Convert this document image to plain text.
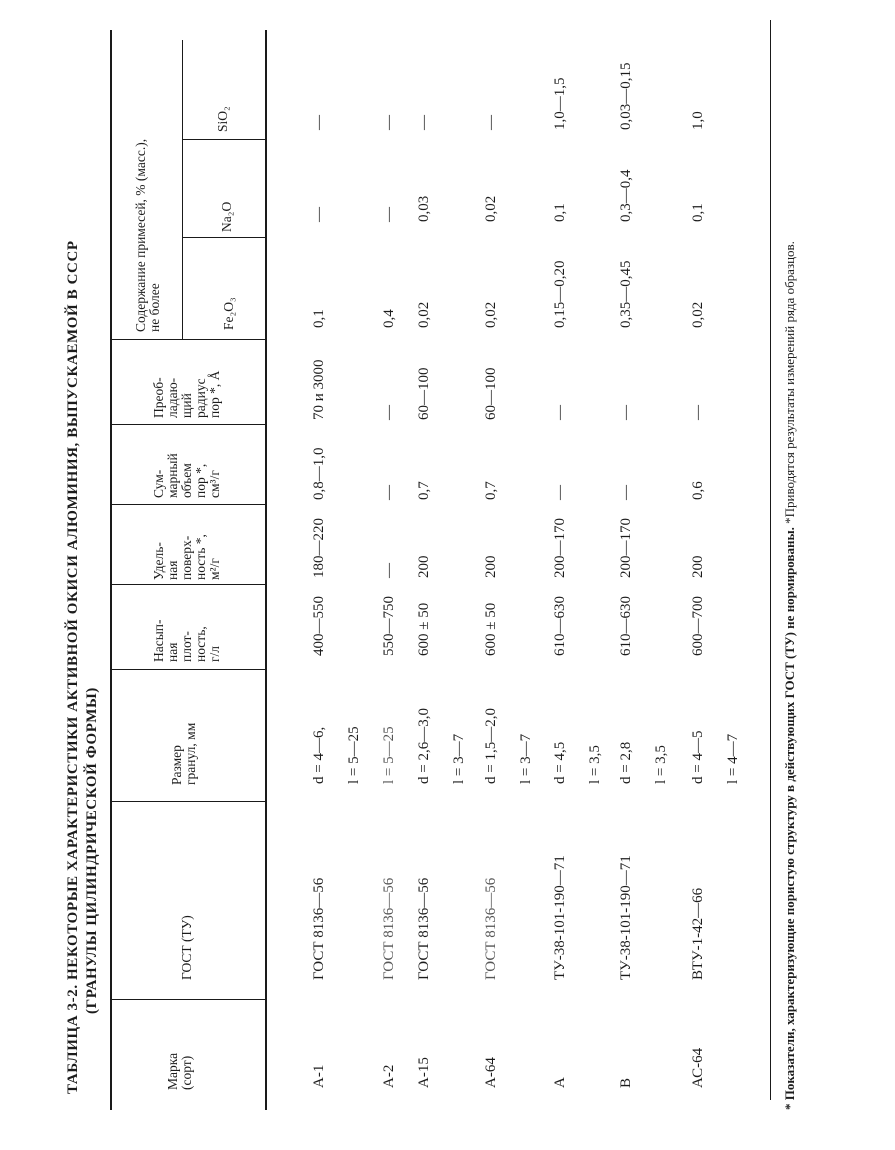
ТАБЛИЦА 3-2. НЕКОТОРЫЕ ХАРАКТЕРИСТИКИ АКТИВНОЙ ОКИСИ АЛЮМИНИЯ, ВЫПУСКАЕМОЙ В СССР (ГРАНУЛЫ ЦИЛИНДРИЧЕСКОЙ ФОРМЫ)
Марка
(сорт)
ГОСТ (ТУ)
Размер
гранул, мм
Насып-
ная
плот-
ность,
г/л
Удель-
ная
поверх-
ность *,
м²/г
Сум-
марный
объем
пор *,
см³/г
Преоб-
ладаю-
щий
радиус
пор *, Å
Содержание примесей, % (масс.),
не более	Fe₂O₃
Na₂O
SiO₂
А-1
ГОСТ 8136—56
d = 4—6, l = 5—25
400—550
180—220
0,8—1,0
70 и 3000
0,1
—
—
А-2
ГОСТ 8136—56
l = 5—25
550—750
—
—
—
0,4
—
—
А-15
ГОСТ 8136—56
d = 2,6—3,0 l = 3—7
600 ± 50
200
0,7
60—100
0,02
0,03
—
А-64
ГОСТ 8136—56
d = 1,5—2,0 l = 3—7
600 ± 50
200
0,7
60—100
0,02
0,02
—
А
ТУ-38-101-190—71
d = 4,5 l = 3,5
610—630
200—170
—
—
0,15—0,20
0,1
1,0—1,5
В
ТУ-38-101-190—71
d = 2,8 l = 3,5
610—630
200—170
—
—
0,35—0,45
0,3—0,4
0,03—0,15
АС-64
ВТУ-1-42—66
d = 4—5 l = 4—7
600—700
200
0,6
—
0,02
0,1
1,0
* Показатели, характеризующие пористую структуру в действующих ГОСТ (ТУ) не нормированы. *Приводятся результаты измерений ряда образцов.
